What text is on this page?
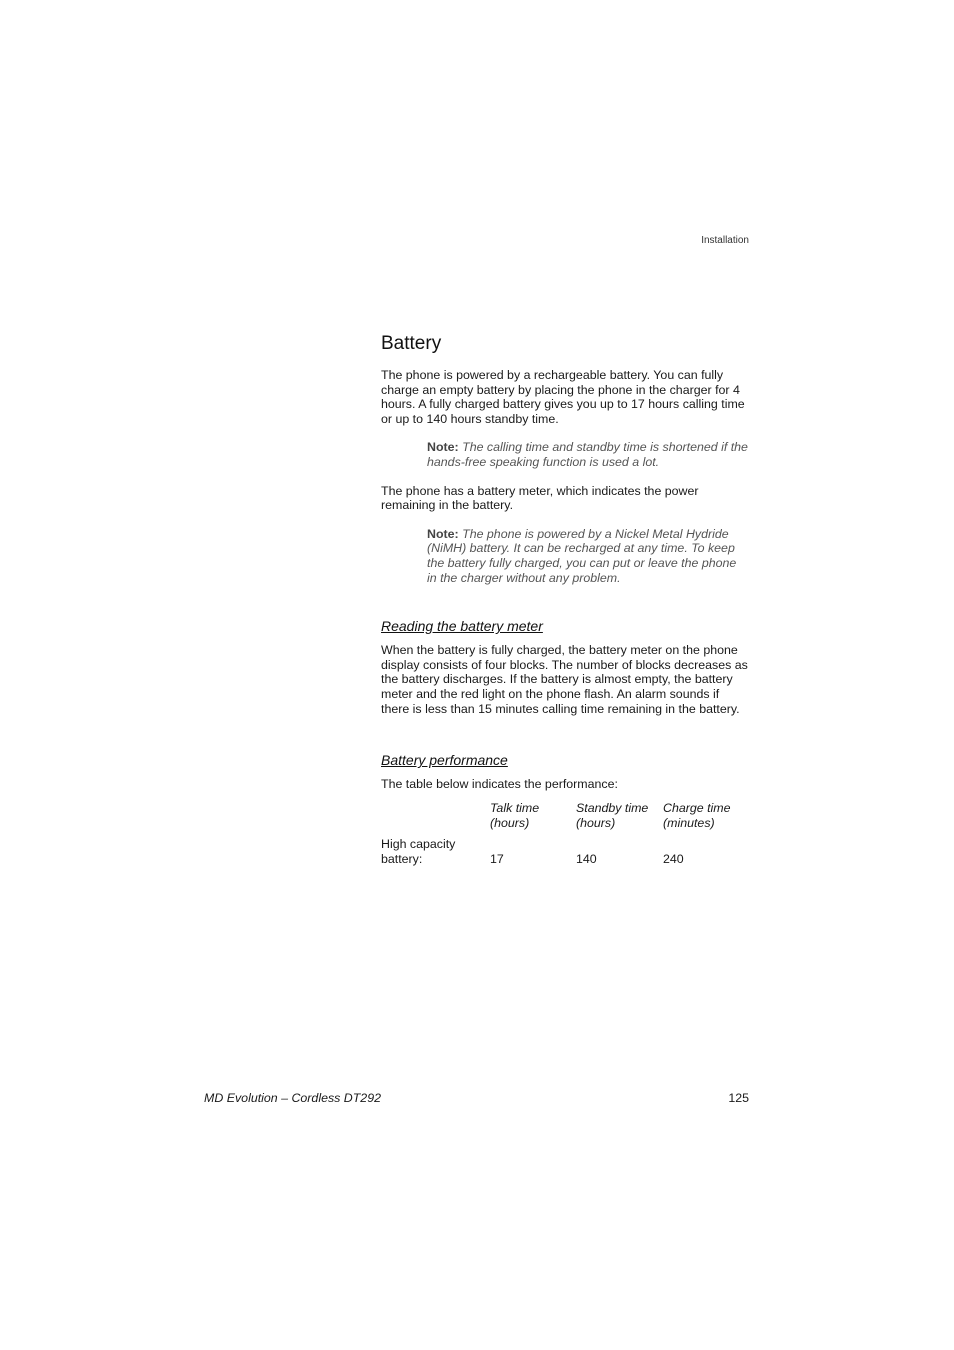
Installation
Battery

The phone is powered by a rechargeable battery. You can fully charge an empty battery by placing the phone in the charger for 4 hours. A fully charged battery gives you up to 17 hours calling time or up to 140 hours standby time.

Note: The calling time and standby time is shortened if the hands-free speaking function is used a lot.

The phone has a battery meter, which indicates the power remaining in the battery.

Note: The phone is powered by a Nickel Metal Hydride (NiMH) battery. It can be recharged at any time. To keep the battery fully charged, you can put or leave the phone in the charger without any problem.

Reading the battery meter

When the battery is fully charged, the battery meter on the phone display consists of four blocks. The number of blocks decreases as the battery discharges. If the battery is almost empty, the battery meter and the red light on the phone flash. An alarm sounds if there is less than 15 minutes calling time remaining in the battery.

Battery performance

The table below indicates the performance:

	Talk time (hours)	Standby time (hours)	Charge time (minutes)
High capacity battery:	17	140	240
MD Evolution – Cordless DT292	125
